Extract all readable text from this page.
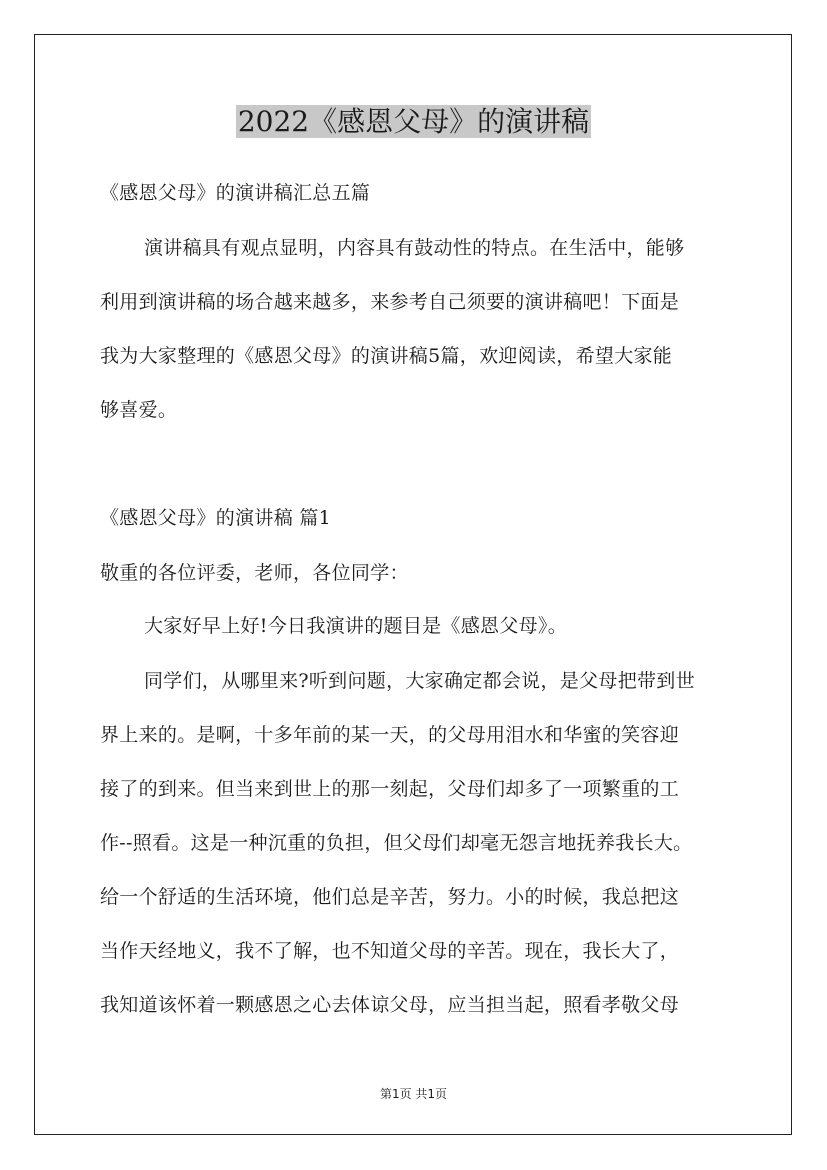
2022《感恩父母》的演讲稿
《感恩父母》的演讲稿汇总五篇
演讲稿具有观点显明，内容具有鼓动性的特点。在生活中，能够
利用到演讲稿的场合越来越多，来参考自己须要的演讲稿吧！下面是
我为大家整理的《感恩父母》的演讲稿5篇，欢迎阅读，希望大家能
够喜爱。
《感恩父母》的演讲稿 篇1
敬重的各位评委，老师，各位同学：
大家好早上好!今日我演讲的题目是《感恩父母》。
同学们，从哪里来?听到问题，大家确定都会说，是父母把带到世
界上来的。是啊，十多年前的某一天，的父母用泪水和华蜜的笑容迎
接了的到来。但当来到世上的那一刻起，父母们却多了一项繁重的工
作--照看。这是一种沉重的负担，但父母们却毫无怨言地抚养我长大。
给一个舒适的生活环境，他们总是辛苦，努力。小的时候，我总把这
当作天经地义，我不了解，也不知道父母的辛苦。现在，我长大了，
我知道该怀着一颗感恩之心去体谅父母，应当担当起，照看孝敬父母
第1页 共1页
